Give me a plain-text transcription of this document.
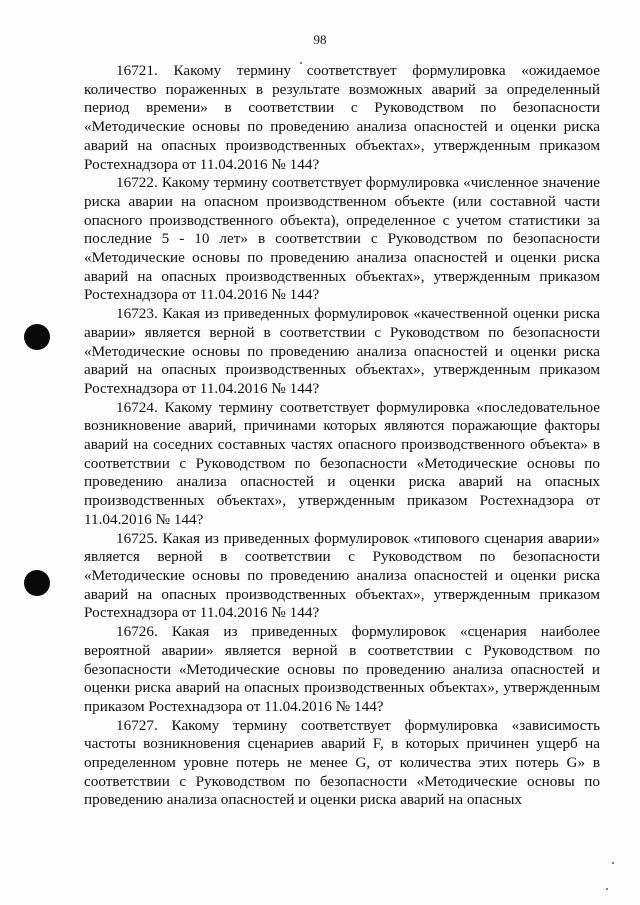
98

16721. Какому термину соответствует формулировка «ожидаемое количество пораженных в результате возможных аварий за определенный период времени» в соответствии с Руководством по безопасности «Методические основы по проведению анализа опасностей и оценки риска аварий на опасных производственных объектах», утвержденным приказом Ростехнадзора от 11.04.2016 № 144?

16722. Какому термину соответствует формулировка «численное значение риска аварии на опасном производственном объекте (или составной части опасного производственного объекта), определенное с учетом статистики за последние 5 - 10 лет» в соответствии с Руководством по безопасности «Методические основы по проведению анализа опасностей и оценки риска аварий на опасных производственных объектах», утвержденным приказом Ростехнадзора от 11.04.2016 № 144?

16723. Какая из приведенных формулировок «качественной оценки риска аварии» является верной в соответствии с Руководством по безопасности «Методические основы по проведению анализа опасностей и оценки риска аварий на опасных производственных объектах», утвержденным приказом Ростехнадзора от 11.04.2016 № 144?

16724. Какому термину соответствует формулировка «последовательное возникновение аварий, причинами которых являются поражающие факторы аварий на соседних составных частях опасного производственного объекта» в соответствии с Руководством по безопасности «Методические основы по проведению анализа опасностей и оценки риска аварий на опасных производственных объектах», утвержденным приказом Ростехнадзора от 11.04.2016 № 144?

16725. Какая из приведенных формулировок «типового сценария аварии» является верной в соответствии с Руководством по безопасности «Методические основы по проведению анализа опасностей и оценки риска аварий на опасных производственных объектах», утвержденным приказом Ростехнадзора от 11.04.2016 № 144?

16726. Какая из приведенных формулировок «сценария наиболее вероятной аварии» является верной в соответствии с Руководством по безопасности «Методические основы по проведению анализа опасностей и оценки риска аварий на опасных производственных объектах», утвержденным приказом Ростехнадзора от 11.04.2016 № 144?

16727. Какому термину соответствует формулировка «зависимость частоты возникновения сценариев аварий F, в которых причинен ущерб на определенном уровне потерь не менее G, от количества этих потерь G» в соответствии с Руководством по безопасности «Методические основы по проведению анализа опасностей и оценки риска аварий на опасных
